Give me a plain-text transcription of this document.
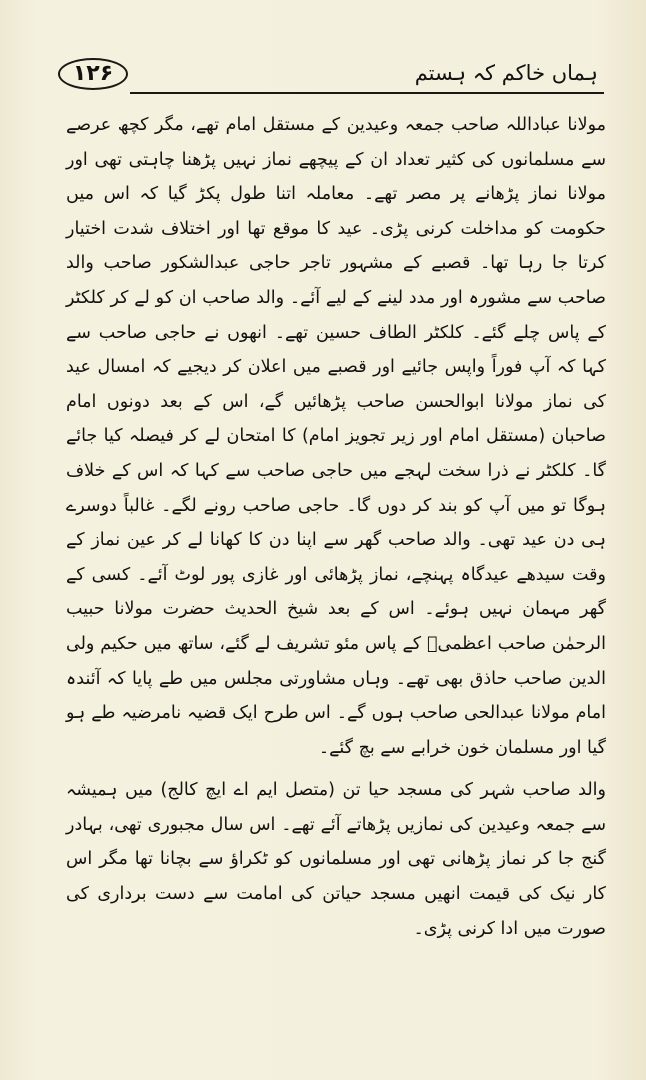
۱۲۶	ہماں خاکم کہ ہستم

مولانا عباداللہ صاحب جمعہ وعیدین کے مستقل امام تھے، مگر کچھ عرصے سے مسلمانوں کی کثیر تعداد ان کے پیچھے نماز نہیں پڑھنا چاہتی تھی اور مولانا نماز پڑھانے پر مصر تھے۔ معاملہ اتنا طول پکڑ گیا کہ اس میں حکومت کو مداخلت کرنی پڑی۔ عید کا موقع تھا اور اختلاف شدت اختیار کرتا جا رہا تھا۔ قصبے کے مشہور تاجر حاجی عبدالشکور صاحب والد صاحب سے مشورہ اور مدد لینے کے لیے آئے۔ والد صاحب ان کو لے کر کلکٹر کے پاس چلے گئے۔ کلکٹر الطاف حسین تھے۔ انھوں نے حاجی صاحب سے کہا کہ آپ فوراً واپس جائیے اور قصبے میں اعلان کر دیجیے کہ امسال عید کی نماز مولانا ابوالحسن صاحب پڑھائیں گے، اس کے بعد دونوں امام صاحبان (مستقل امام اور زیر تجویز امام) کا امتحان لے کر فیصلہ کیا جائے گا۔ کلکٹر نے ذرا سخت لہجے میں حاجی صاحب سے کہا کہ اس کے خلاف ہوگا تو میں آپ کو بند کر دوں گا۔ حاجی صاحب رونے لگے۔ غالباً دوسرے ہی دن عید تھی۔ والد صاحب گھر سے اپنا دن کا کھانا لے کر عین نماز کے وقت سیدھے عیدگاہ پہنچے، نماز پڑھائی اور غازی پور لوٹ آئے۔ کسی کے گھر مہمان نہیں ہوئے۔ اس کے بعد شیخ الحدیث حضرت مولانا حبیب الرحمٰن صاحب اعظمیؒ کے پاس مئو تشریف لے گئے، ساتھ میں حکیم ولی الدین صاحب حاذق بھی تھے۔ وہاں مشاورتی مجلس میں طے پایا کہ آئندہ امام مولانا عبدالحی صاحب ہوں گے۔ اس طرح ایک قضیہ نامرضیہ طے ہو گیا اور مسلمان خون خرابے سے بچ گئے۔

والد صاحب شہر کی مسجد حیا تن (متصل ایم اے ایچ کالج) میں ہمیشہ سے جمعہ وعیدین کی نمازیں پڑھاتے آئے تھے۔ اس سال مجبوری تھی، بہادر گنج جا کر نماز پڑھانی تھی اور مسلمانوں کو ٹکراؤ سے بچانا تھا مگر اس کار نیک کی قیمت انھیں مسجد حیاتن کی امامت سے دست برداری کی صورت میں ادا کرنی پڑی۔
